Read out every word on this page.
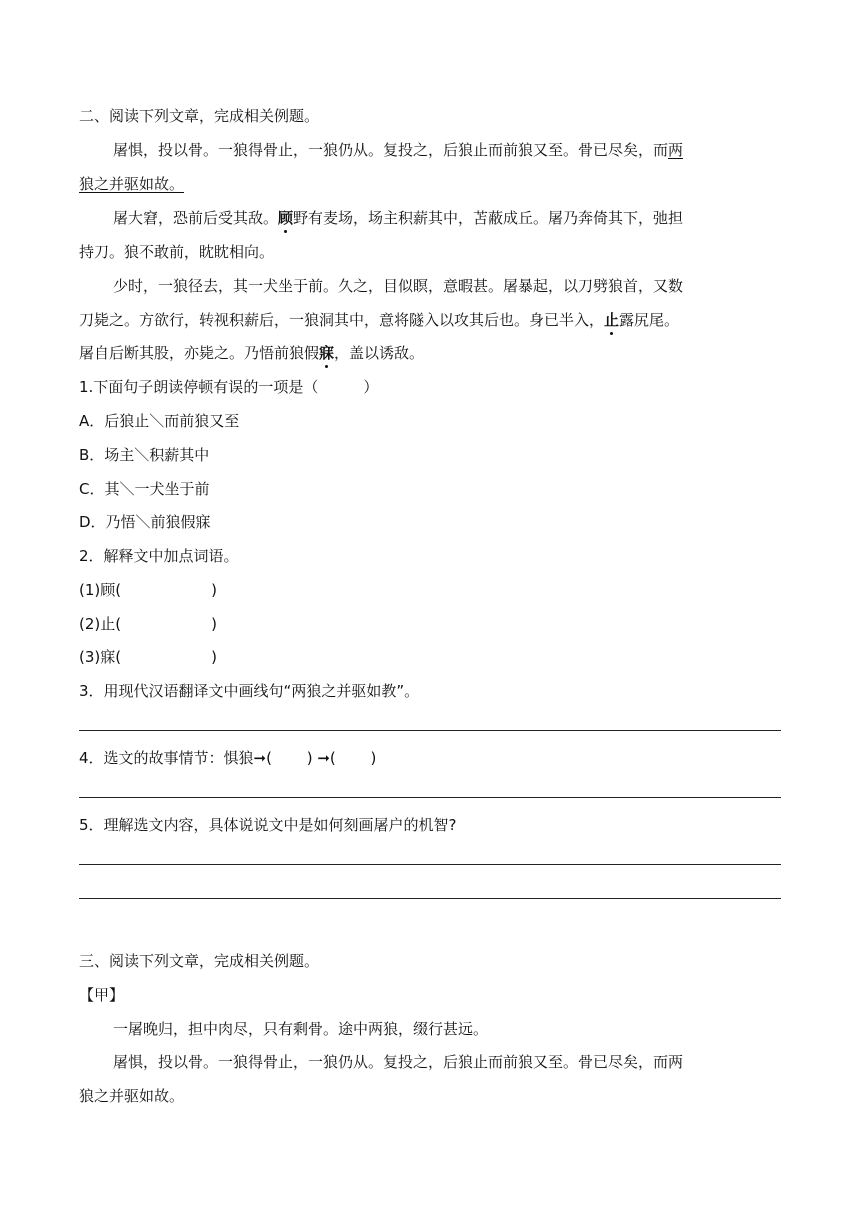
二、阅读下列文章，完成相关例题。
屠惧，投以骨。一狼得骨止，一狼仍从。复投之，后狼止而前狼又至。骨已尽矣，而两
狼之并驱如故。
屠大窘，恐前后受其敌。顾野有麦场，场主积薪其中，苫蔽成丘。屠乃奔倚其下，弛担
持刀。狼不敢前，眈眈相向。
少时，一狼径去，其一犬坐于前。久之，目似瞑，意暇甚。屠暴起，以刀劈狼首，又数
刀毙之。方欲行，转视积薪后，一狼洞其中，意将隧入以攻其后也。身已半入，止露尻尾。
屠自后断其股，亦毙之。乃悟前狼假寐，盖以诱敌。
1.下面句子朗读停顿有误的一项是（　　　）
A．后狼止＼而前狼又至
B．场主＼积薪其中
C．其＼一犬坐于前
D．乃悟＼前狼假寐
2．解释文中加点词语。
(1)顾(　　　　　　)
(2)止(　　　　　　)
(3)寐(　　　　　　)
3．用现代汉语翻译文中画线句“两狼之并驱如教”。
4．选文的故事情节：惧狼➞(　　 ) ➞(　　 )
5．理解选文内容，具体说说文中是如何刻画屠户的机智?
三、阅读下列文章，完成相关例题。
【甲】
一屠晚归，担中肉尽，只有剩骨。途中两狼，缀行甚远。
屠惧，投以骨。一狼得骨止，一狼仍从。复投之，后狼止而前狼又至。骨已尽矣，而两
狼之并驱如故。
